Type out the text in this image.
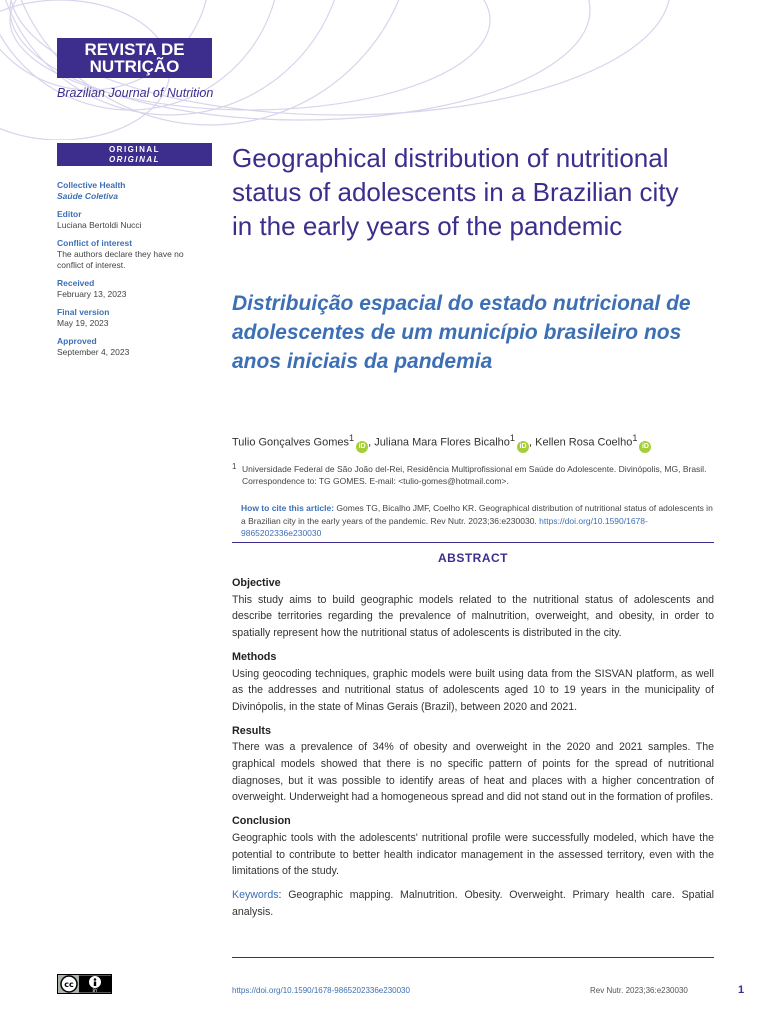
REVISTA DE
NUTRIÇÃO
Brazilian Journal of Nutrition
ORIGINAL
ORIGINAL
Collective Health
Saúde Coletiva
Editor
Luciana Bertoldi Nucci
Conflict of interest
The authors declare they have no conflict of interest.
Received
February 13, 2023
Final version
May 19, 2023
Approved
September 4, 2023
Geographical distribution of nutritional status of adolescents in a Brazilian city in the early years of the pandemic
Distribuição espacial do estado nutricional de adolescentes de um município brasileiro nos anos iniciais da pandemia
Tulio Gonçalves Gomes$^1$iD , Juliana Mara Flores Bicalho$^1$iD , Kellen Rosa Coelho$^1$iD
1 Universidade Federal de São João del-Rei, Residência Multiprofissional em Saúde do Adolescente. Divinópolis, MG, Brasil. Correspondence to: TG GOMES. E-mail: <tulio-gomes@hotmail.com>.
How to cite this article: Gomes TG, Bicalho JMF, Coelho KR. Geographical distribution of nutritional status of adolescents in a Brazilian city in the early years of the pandemic. Rev Nutr. 2023;36:e230030. https://doi.org/10.1590/1678-9865202336e230030
ABSTRACT
Objective

This study aims to build geographic models related to the nutritional status of adolescents and describe territories regarding the prevalence of malnutrition, overweight, and obesity, in order to spatially represent how the nutritional status of adolescents is distributed in the city.

Methods

Using geocoding techniques, graphic models were built using data from the SISVAN platform, as well as the addresses and nutritional status of adolescents aged 10 to 19 years in the municipality of Divinópolis, in the state of Minas Gerais (Brazil), between 2020 and 2021.

Results

There was a prevalence of 34% of obesity and overweight in the 2020 and 2021 samples. The graphical models showed that there is no specific pattern of points for the spread of nutritional diagnoses, but it was possible to identify areas of heat and places with a higher concentration of overweight. Underweight had a homogeneous spread and did not stand out in the formation of profiles.

Conclusion

Geographic tools with the adolescents' nutritional profile were successfully modeled, which have the potential to contribute to better health indicator management in the assessed territory, even with the limitations of the study.

Keywords: Geographic mapping. Malnutrition. Obesity. Overweight. Primary health care. Spatial analysis.

cc
BY	https://doi.org/10.1590/1678-9865202336e230030	Rev Nutr. 2023;36:e230030	1
